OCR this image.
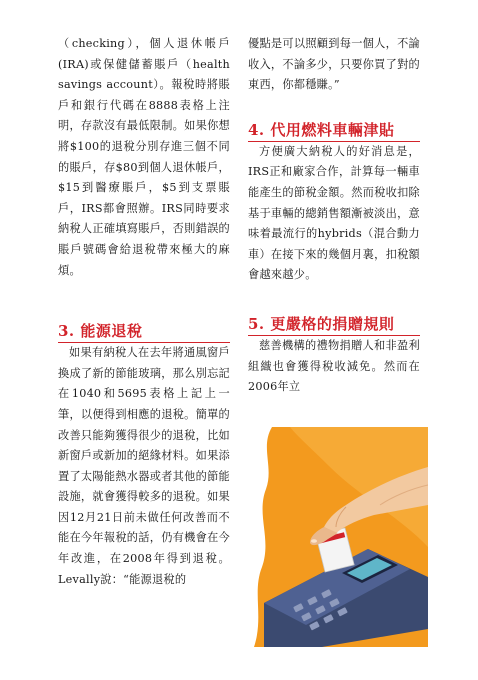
（checking），個人退休帳戶(IRA)或保健儲蓄賬戶（health savings account）。報稅時將賬戶和銀行代碼在8888表格上注明，存款沒有最低限制。如果你想將$100的退稅分別存進三個不同的賬戶，存$80到個人退休帳戶，$15到醫療賬戶，$5到支票賬戶，IRS都會照辦。IRS同時要求納稅人正確填寫賬戶，否則錯誤的賬戶號碼會給退稅帶來極大的麻煩。

3. 能源退稅

如果有納稅人在去年將通風窗戶換成了新的節能玻璃，那么別忘記在1040和5695表格上記上一筆，以便得到相應的退稅。簡單的改善只能夠獲得很少的退稅，比如新窗戶或新加的絕緣材料。如果添置了太陽能熱水器或者其他的節能設施，就會獲得較多的退稅。如果因12月21日前未做任何改善而不能在今年報稅的話，仍有機會在今年改進，在2008年得到退稅。Levally說：“能源退稅的

優點是可以照顧到每一個人，不論收入，不論多少，只要你買了對的東西，你都穩賺。”

4. 代用燃料車輛津貼

方便廣大納稅人的好消息是，IRS正和廠家合作，計算每一輛車能產生的節稅金額。然而稅收扣除基于車輛的總銷售額漸被淡出，意味着最流行的hybrids（混合動力車）在接下來的幾個月裏，扣稅額會越來越少。

5. 更嚴格的捐贈規則

慈善機構的禮物捐贈人和非盈利組織也會獲得稅收減免。然而在2006年立
